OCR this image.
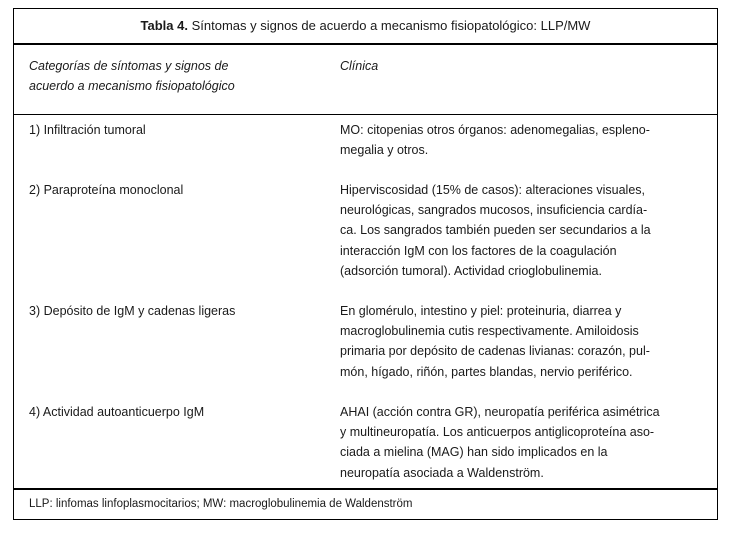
Tabla 4. Síntomas y signos de acuerdo a mecanismo fisiopatológico: LLP/MW
Categorías de síntomas y signos de
acuerdo a mecanismo fisiopatológico
Clínica
1) Infiltración tumoral	MO: citopenias otros órganos: adenomegalias, espleno-
megalia y otros.
2) Paraproteína monoclonal	Hiperviscosidad (15% de casos): alteraciones visuales,
neurológicas, sangrados mucosos, insuficiencia cardía-
ca. Los sangrados también pueden ser secundarios a la
interacción IgM con los factores de la coagulación
(adsorción tumoral). Actividad crioglobulinemia.
3) Depósito de IgM y cadenas ligeras	En glomérulo, intestino y piel: proteinuria, diarrea y
macroglobulinemia cutis respectivamente. Amiloidosis
primaria por depósito de cadenas livianas: corazón, pul-
món, hígado, riñón, partes blandas, nervio periférico.
4) Actividad autoanticuerpo IgM	AHAI (acción contra GR), neuropatía periférica asimétrica
y multineuropatía. Los anticuerpos antiglicoproteína aso-
ciada a mielina (MAG) han sido implicados en la
neuropatía asociada a Waldenström.
LLP: linfomas linfoplasmocitarios; MW: macroglobulinemia de Waldenström
